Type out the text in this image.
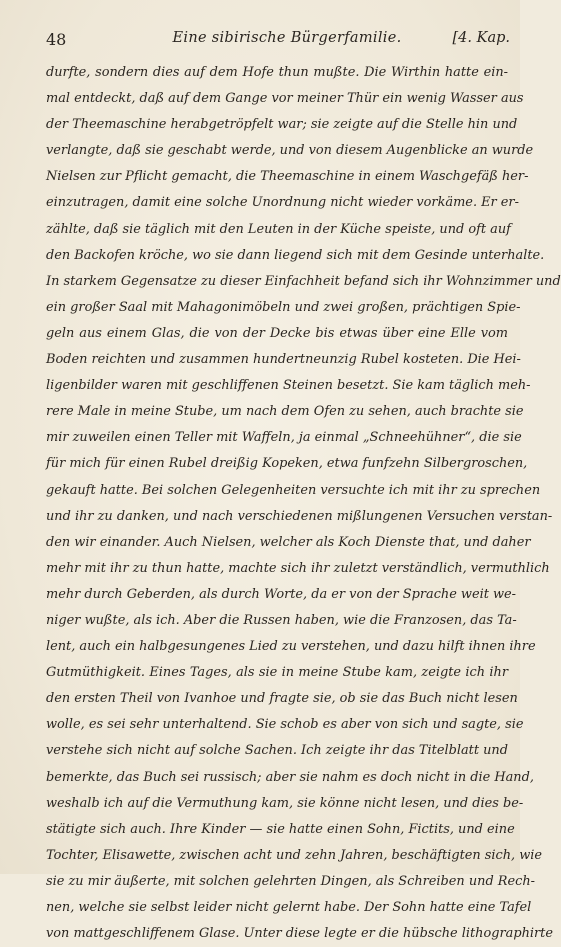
48	Eine sibirische Bürgerfamilie.	[4. Kap.
durfte, sondern dies auf dem Hofe thun mußte. Die Wirthin hatte ein-
mal entdeckt, daß auf dem Gange vor meiner Thür ein wenig Wasser aus
der Theemaschine herabgetröpfelt war; sie zeigte auf die Stelle hin und
verlangte, daß sie geschabt werde, und von diesem Augenblicke an wurde
Nielsen zur Pflicht gemacht, die Theemaschine in einem Waschgefäß her-
einzutragen, damit eine solche Unordnung nicht wieder vorkäme. Er er-
zählte, daß sie täglich mit den Leuten in der Küche speiste, und oft auf
den Backofen kröche, wo sie dann liegend sich mit dem Gesinde unterhalte.
In starkem Gegensatze zu dieser Einfachheit befand sich ihr Wohnzimmer und
ein großer Saal mit Mahagonimöbeln und zwei großen, prächtigen Spie-
geln aus einem Glas, die von der Decke bis etwas über eine Elle vom
Boden reichten und zusammen hundertneunzig Rubel kosteten. Die Hei-
ligenbilder waren mit geschliffenen Steinen besetzt. Sie kam täglich meh-
rere Male in meine Stube, um nach dem Ofen zu sehen, auch brachte sie
mir zuweilen einen Teller mit Waffeln, ja einmal „Schneehühner“, die sie
für mich für einen Rubel dreißig Kopeken, etwa funfzehn Silbergroschen,
gekauft hatte. Bei solchen Gelegenheiten versuchte ich mit ihr zu sprechen
und ihr zu danken, und nach verschiedenen mißlungenen Versuchen verstan-
den wir einander. Auch Nielsen, welcher als Koch Dienste that, und daher
mehr mit ihr zu thun hatte, machte sich ihr zuletzt verständlich, vermuthlich
mehr durch Geberden, als durch Worte, da er von der Sprache weit we-
niger wußte, als ich. Aber die Russen haben, wie die Franzosen, das Ta-
lent, auch ein halbgesungenes Lied zu verstehen, und dazu hilft ihnen ihre
Gutmüthigkeit. Eines Tages, als sie in meine Stube kam, zeigte ich ihr
den ersten Theil von Ivanhoe und fragte sie, ob sie das Buch nicht lesen
wolle, es sei sehr unterhaltend. Sie schob es aber von sich und sagte, sie
verstehe sich nicht auf solche Sachen. Ich zeigte ihr das Titelblatt und
bemerkte, das Buch sei russisch; aber sie nahm es doch nicht in die Hand,
weshalb ich auf die Vermuthung kam, sie könne nicht lesen, und dies be-
stätigte sich auch. Ihre Kinder — sie hatte einen Sohn, Fictits, und eine
Tochter, Elisawette, zwischen acht und zehn Jahren, beschäftigten sich, wie
sie zu mir äußerte, mit solchen gelehrten Dingen, als Schreiben und Rech-
nen, welche sie selbst leider nicht gelernt habe. Der Sohn hatte eine Tafel
von mattgeschliffenem Glase. Unter diese legte er die hübsche lithographirte
